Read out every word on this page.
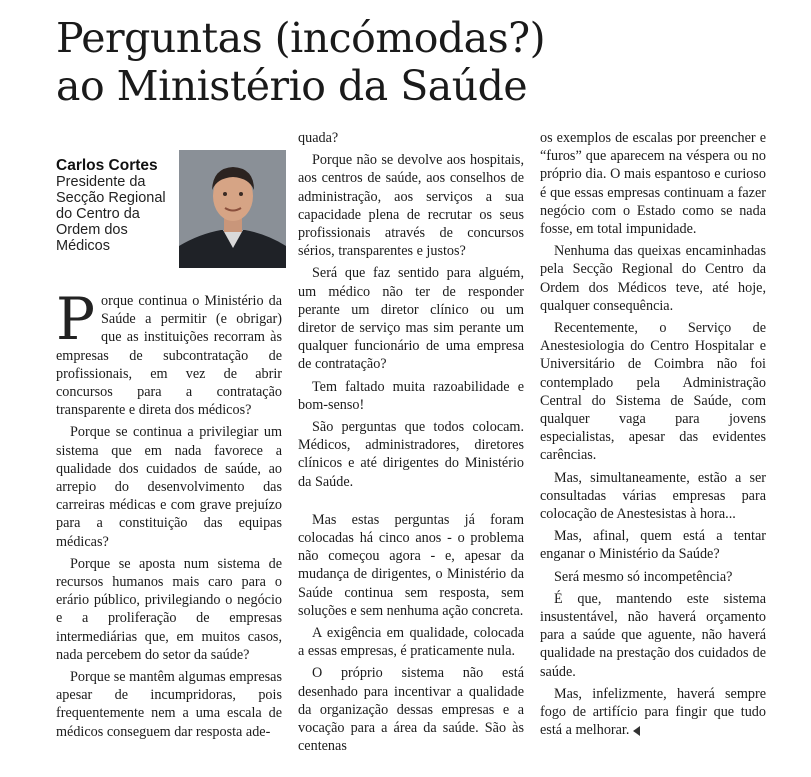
Perguntas (incómodas?)
ao Ministério da Saúde
Carlos Cortes
Presidente da Secção Regional do Centro da Ordem dos Médicos

Porque continua o Ministério da Saúde a permitir (e obrigar) que as instituições recorram às empresas de subcontratação de profissionais, em vez de abrir concursos para a contratação transparente e direta dos médicos?

Porque se continua a privilegiar um sistema que em nada favorece a qualidade dos cuidados de saúde, ao arrepio do desenvolvimento das carreiras médicas e com grave prejuízo para a constituição das equipas médicas?

Porque se aposta num sistema de recursos humanos mais caro para o erário público, privilegiando o negócio e a proliferação de empresas intermediárias que, em muitos casos, nada percebem do setor da saúde?

Porque se mantêm algumas empresas apesar de incumpridoras, pois frequentemente nem a uma escala de médicos conseguem dar resposta ade-

quada?

Porque não se devolve aos hospitais, aos centros de saúde, aos conselhos de administração, aos serviços a sua capacidade plena de recrutar os seus profissionais através de concursos sérios, transparentes e justos?

Será que faz sentido para alguém, um médico não ter de responder perante um diretor clínico ou um diretor de serviço mas sim perante um qualquer funcionário de uma empresa de contratação?

Tem faltado muita razoabilidade e bom-senso!

São perguntas que todos colocam. Médicos, administradores, diretores clínicos e até dirigentes do Ministério da Saúde.

Mas estas perguntas já foram colocadas há cinco anos - o problema não começou agora - e, apesar da mudança de dirigentes, o Ministério da Saúde continua sem resposta, sem soluções e sem nenhuma ação concreta.

A exigência em qualidade, colocada a essas empresas, é praticamente nula.

O próprio sistema não está desenhado para incentivar a qualidade da organização dessas empresas e a vocação para a área da saúde. São às centenas

os exemplos de escalas por preencher e “furos” que aparecem na véspera ou no próprio dia. O mais espantoso e curioso é que essas empresas continuam a fazer negócio com o Estado como se nada fosse, em total impunidade.

Nenhuma das queixas encaminhadas pela Secção Regional do Centro da Ordem dos Médicos teve, até hoje, qualquer consequência.

Recentemente, o Serviço de Anestesiologia do Centro Hospitalar e Universitário de Coimbra não foi contemplado pela Administração Central do Sistema de Saúde, com qualquer vaga para jovens especialistas, apesar das evidentes carências.

Mas, simultaneamente, estão a ser consultadas várias empresas para colocação de Anestesistas à hora...

Mas, afinal, quem está a tentar enganar o Ministério da Saúde?

Será mesmo só incompetência?

É que, mantendo este sistema insustentável, não haverá orçamento para a saúde que aguente, não haverá qualidade na prestação dos cuidados de saúde.

Mas, infelizmente, haverá sempre fogo de artifício para fingir que tudo está a melhorar.
